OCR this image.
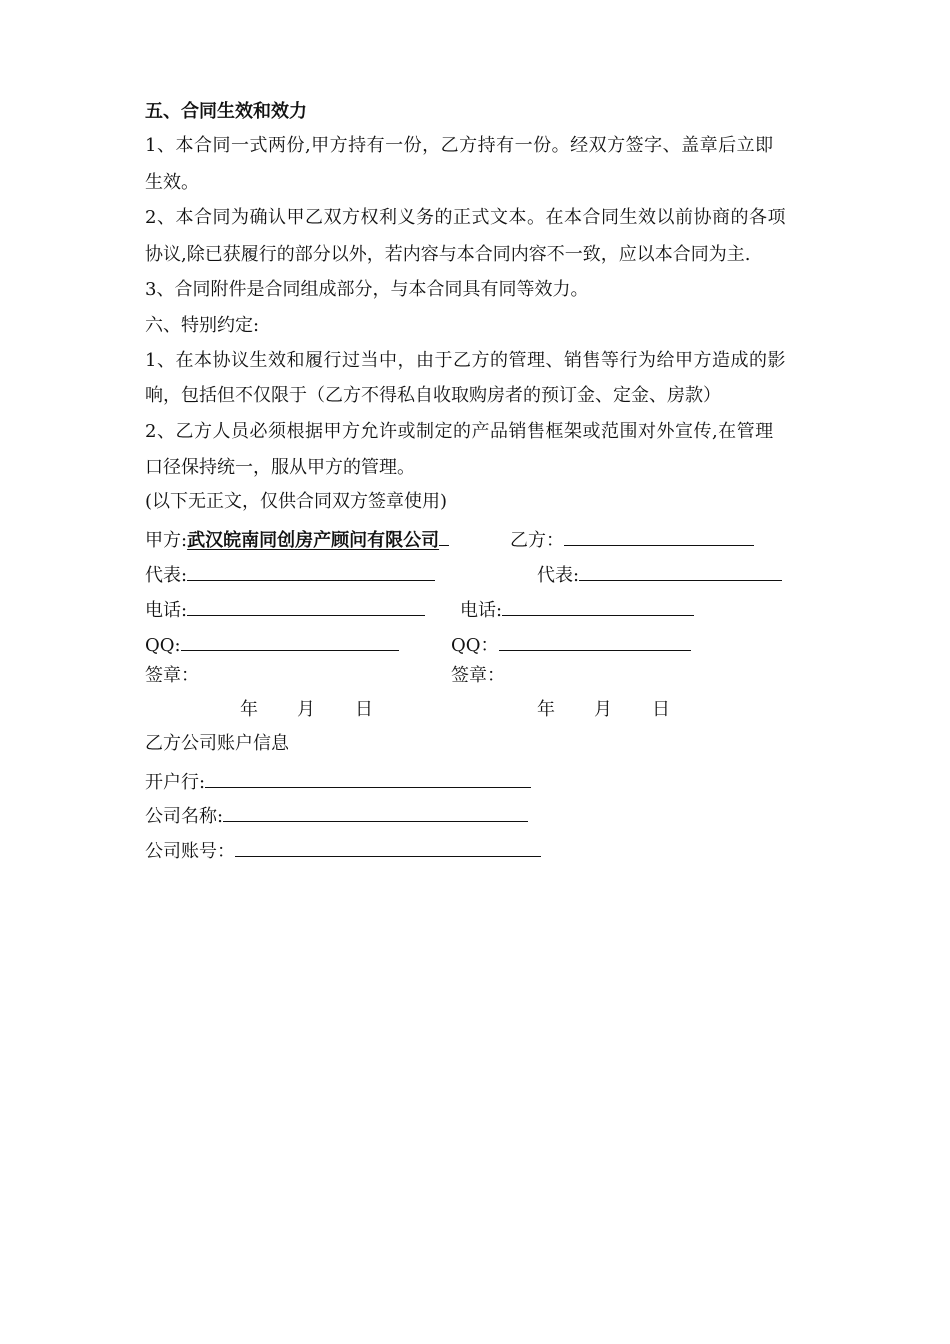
五、合同生效和效力
1、本合同一式两份,甲方持有一份，乙方持有一份。经双方签字、盖章后立即
生效。
2、本合同为确认甲乙双方权利义务的正式文本。在本合同生效以前协商的各项
协议,除已获履行的部分以外，若内容与本合同内容不一致，应以本合同为主.
3、合同附件是合同组成部分，与本合同具有同等效力。
六、特别约定:
1、在本协议生效和履行过当中，由于乙方的管理、销售等行为给甲方造成的影
响，包括但不仅限于（乙方不得私自收取购房者的预订金、定金、房款）
2、乙方人员必须根据甲方允许或制定的产品销售框架或范围对外宣传,在管理
口径保持统一，服从甲方的管理。
(以下无正文，仅供合同双方签章使用)
甲方:武汉皖南同创房产顾问有限公司	乙方：
代表:	代表:
电话:	电话:
QQ:	QQ：
签章：	签章：
年 月 日	年 月 日
乙方公司账户信息
开户行:
公司名称:
公司账号：
